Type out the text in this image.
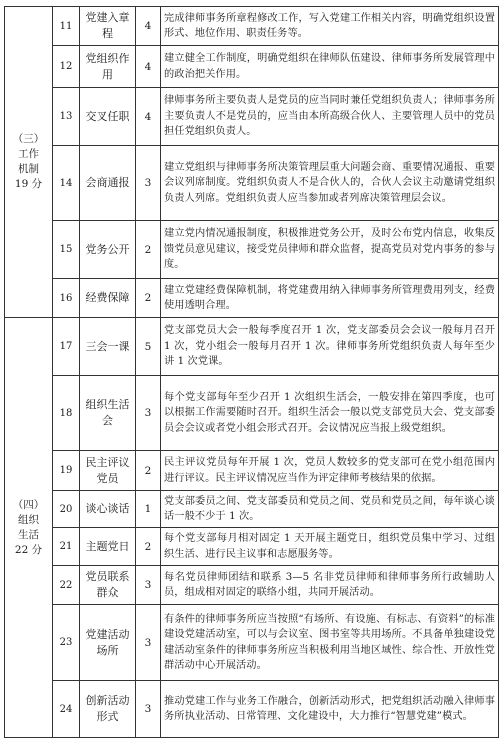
（三）
工作
机制
19 分	11	党建入章程	4	完成律师事务所章程修改工作，写入党建工作相关内容，明确党组织设置形式、地位作用、职责任务等。
	12	党组织作用	4	建立健全工作制度，明确党组织在律师队伍建设、律师事务所发展管理中的政治把关作用。
	13	交叉任职	4	律师事务所主要负责人是党员的应当同时兼任党组织负责人；律师事务所主要负责人不是党员的，应当由本所高级合伙人、主要管理人员中的党员担任党组织负责人。
	14	会商通报	3	建立党组织与律师事务所决策管理层重大问题会商、重要情况通报、重要会议列席制度。党组织负责人不是合伙人的，合伙人会议主动邀请党组织负责人列席。党组织负责人应当参加或者列席决策管理层会议。
	15	党务公开	2	建立党内情况通报制度，积极推进党务公开，及时公布党内信息，收集反馈党员意见建议，接受党员律师和群众监督，提高党员对党内事务的参与度。
	16	经费保障	2	建立党建经费保障机制，将党建费用纳入律师事务所管理费用列支，经费使用透明合理。

（四）
组织
生活
22 分	17	三会一课	5	党支部党员大会一般每季度召开 1 次，党支部委员会会议一般每月召开 1 次，党小组会一般每月召开 1 次。律师事务所党组织负责人每年至少讲 1 次党课。
	18	组织生活会	3	每个党支部每年至少召开 1 次组织生活会，一般安排在第四季度，也可以根据工作需要随时召开。组织生活会一般以党支部党员大会、党支部委员会会议或者党小组会形式召开。会议情况应当报上级党组织。
	19	民主评议党员	2	民主评议党员每年开展 1 次，党员人数较多的党支部可在党小组范围内进行评议。民主评议情况应当作为评定律师考核结果的依据。
	20	谈心谈话	1	党支部委员之间、党支部委员和党员之间、党员和党员之间，每年谈心谈话一般不少于 1 次。
	21	主题党日	2	每个党支部每月相对固定 1 天开展主题党日，组织党员集中学习、过组织生活、进行民主议事和志愿服务等。
	22	党员联系群众	3	每名党员律师团结和联系 3—5 名非党员律师和律师事务所行政辅助人员，组成相对固定的联络小组，共同开展活动。
	23	党建活动场所	3	有条件的律师事务所应当按照“有场所、有设施、有标志、有资料”的标准建设党建活动室，可以与会议室、图书室等共用场所。不具备单独建设党建活动室条件的律师事务所应当积极利用当地区域性、综合性、开放性党群活动中心开展活动。
	24	创新活动形式	3	推动党建工作与业务工作融合，创新活动形式，把党组织活动融入律师事务所执业活动、日常管理、文化建设中，大力推行“智慧党建”模式。
